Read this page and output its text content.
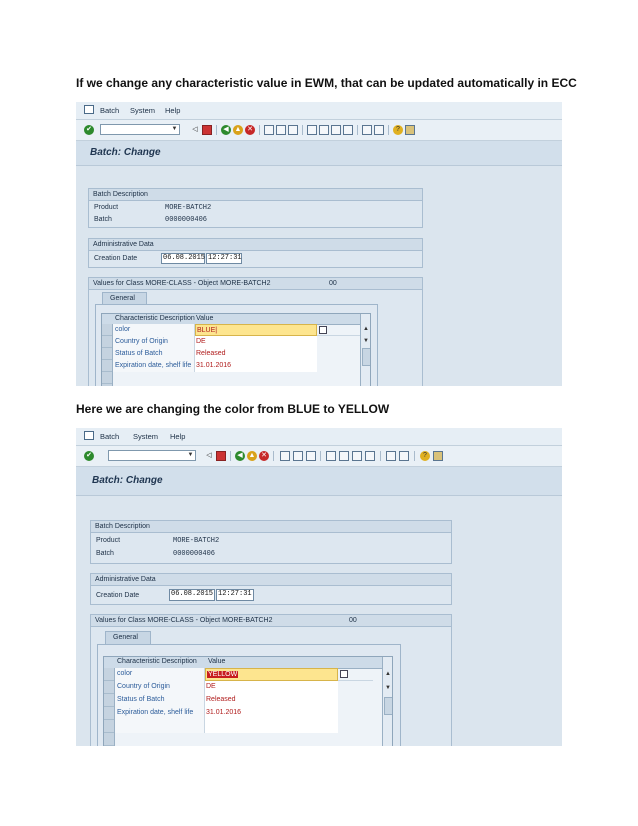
If we change any characteristic value in EWM, that can be updated automatically in ECC
Batch System Help
✔	▼	◁	◀ ▲ ✕	?
Batch: Change
Batch Description
Product	MORE-BATCH2
Batch	0000000406
Administrative Data
Creation Date	06.08.2015 12:27:31
Values for Class MORE-CLASS - Object MORE-BATCH2	00
General
Characteristic Description Value
color	BLUE|
Country of Origin	DE
Status of Batch	Released
Expiration date, shelf life 31.01.2016
▲
▼
Here we are changing the color from BLUE to YELLOW
Batch System Help
✔	▼	◁	◀ ▲ ✕	?
Batch: Change
Batch Description
Product	MORE-BATCH2
Batch	0000000406
Administrative Data
Creation Date	06.08.2015 12:27:31
Values for Class MORE-CLASS - Object MORE-BATCH2	00
General
Characteristic Description Value
color	YELLOW
Country of Origin	DE
Status of Batch	Released
Expiration date, shelf life	31.01.2016
▲
▼
